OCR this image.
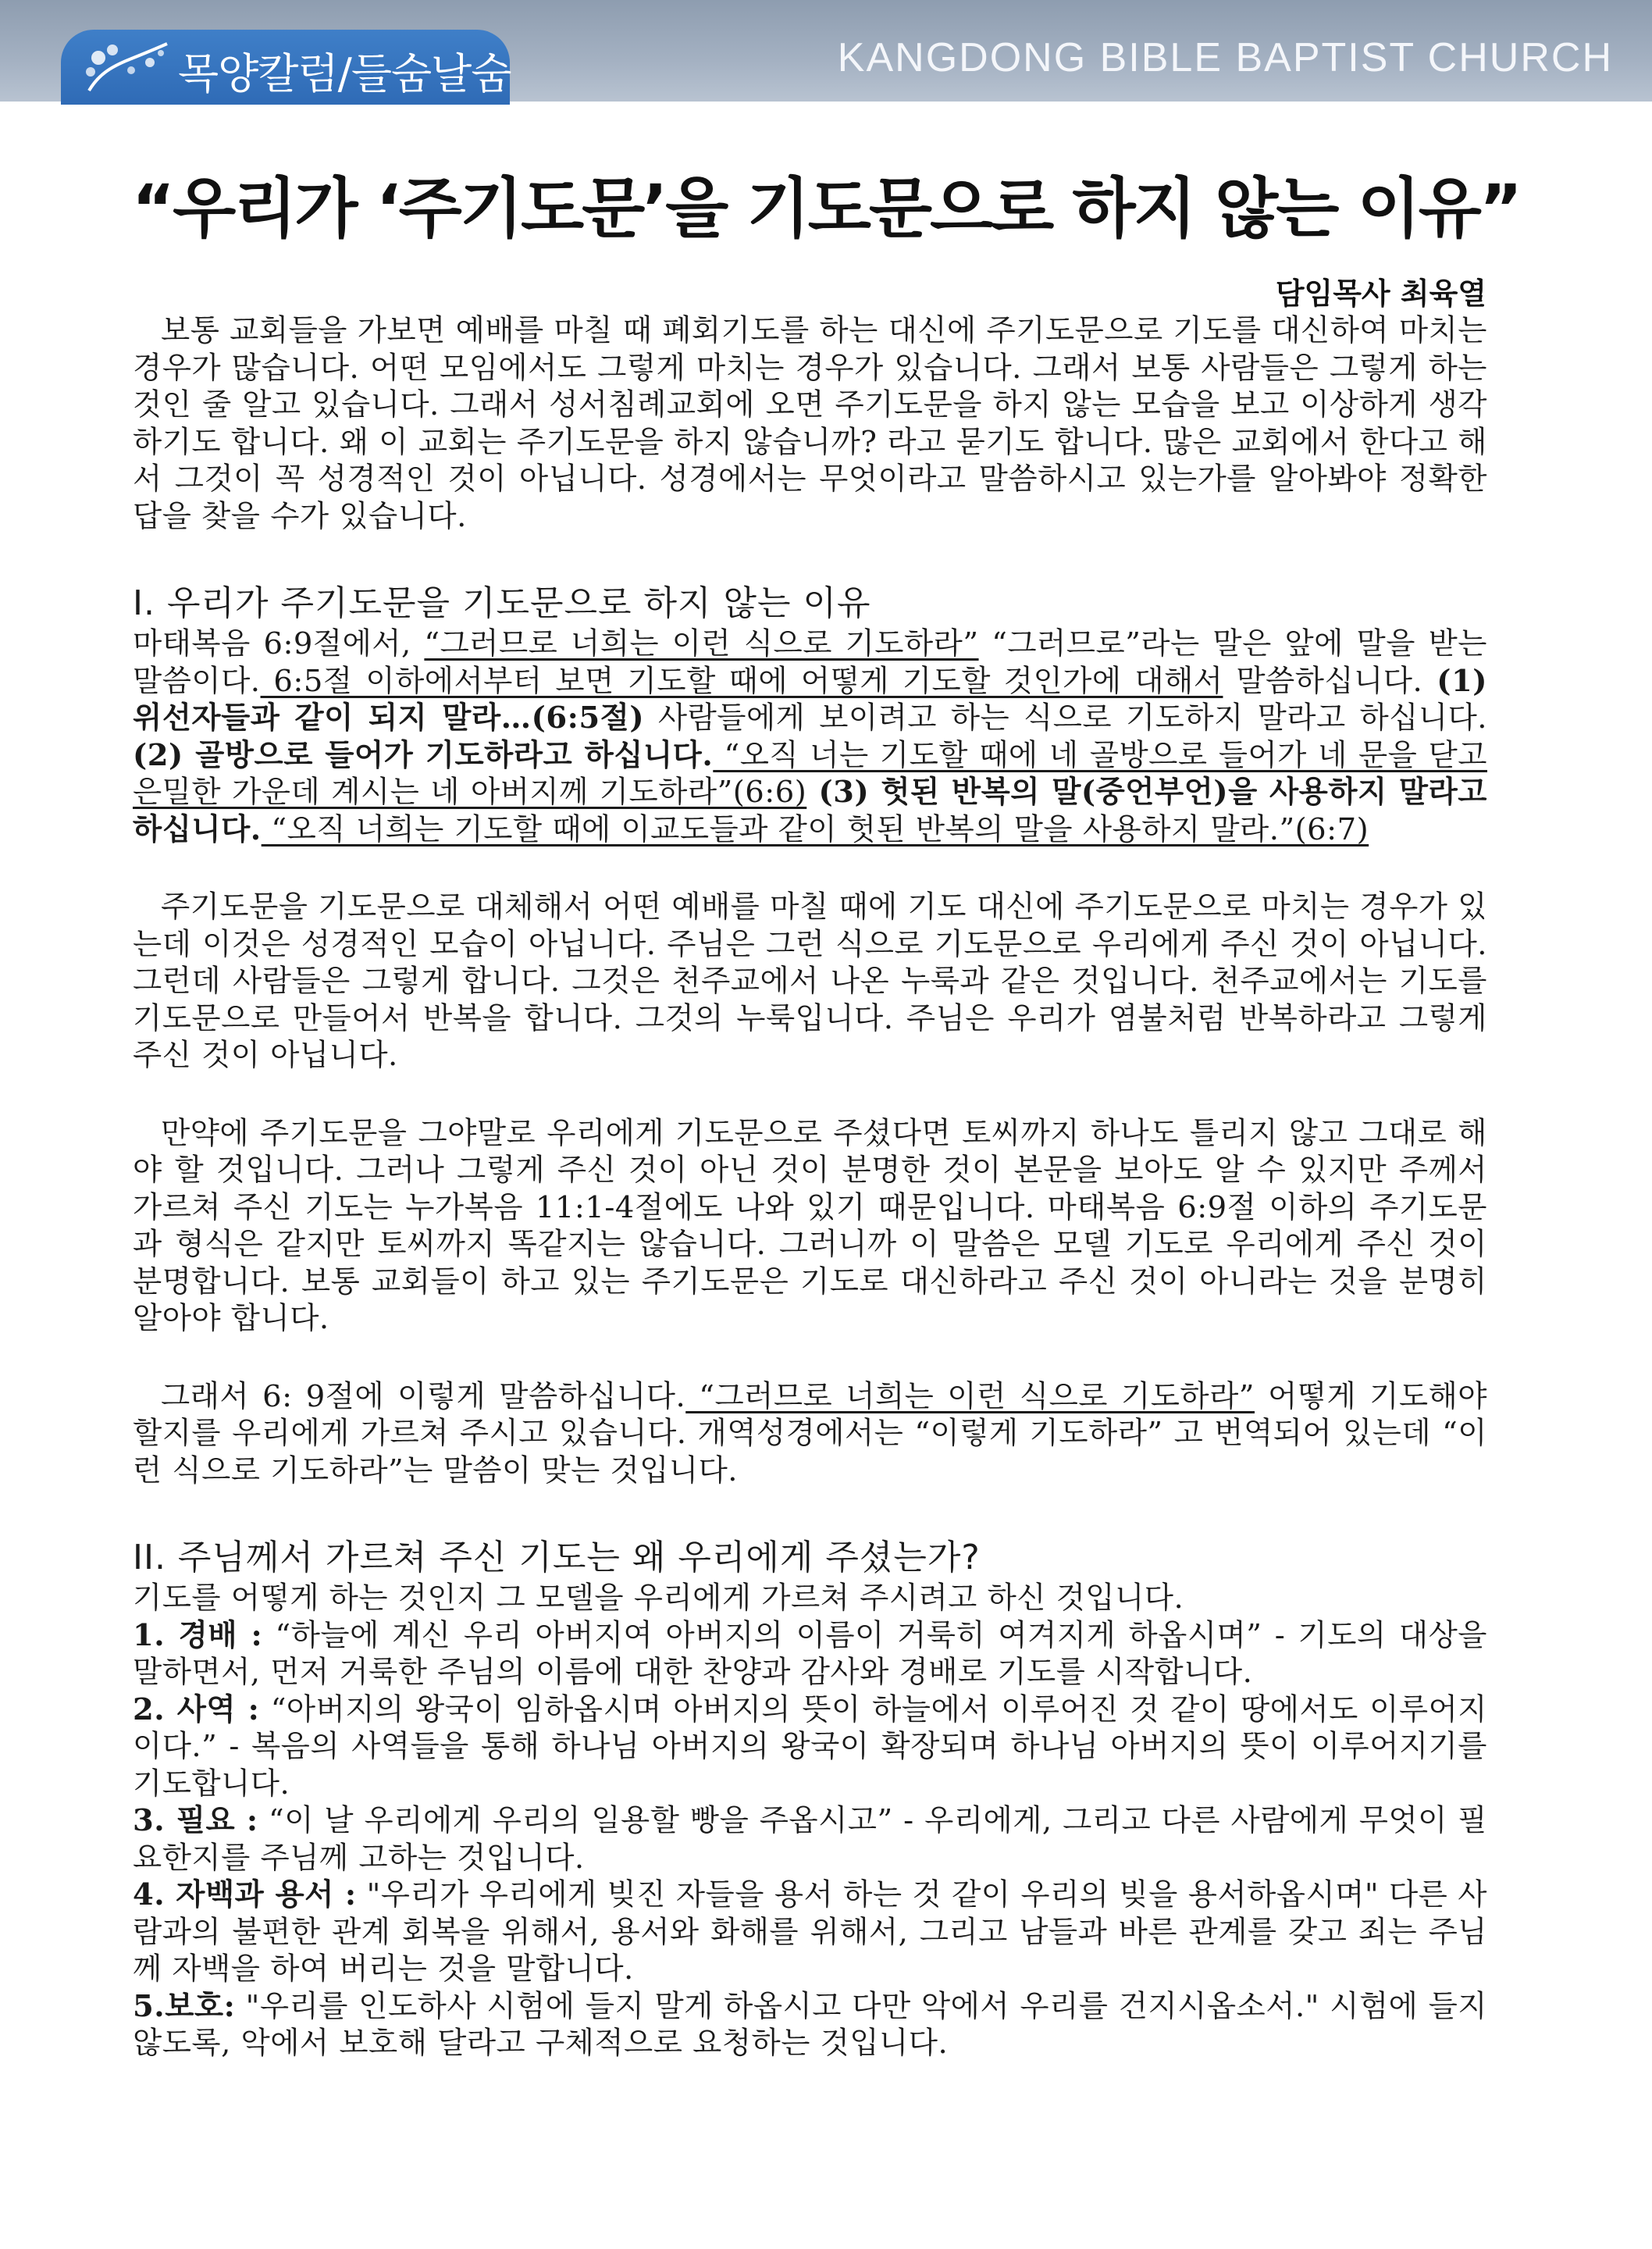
목양칼럼/들숨날숨	KANGDONG BIBLE BAPTIST CHURCH
“우리가 ‘주기도문’을 기도문으로 하지 않는 이유”
담임목사 최육열

보통 교회들을 가보면 예배를 마칠 때 폐회기도를 하는 대신에 주기도문으로 기도를 대신하여 마치는 경우가 많습니다. 어떤 모임에서도 그렇게 마치는 경우가 있습니다. 그래서 보통 사람들은 그렇게 하는 것인 줄 알고 있습니다. 그래서 성서침례교회에 오면 주기도문을 하지 않는 모습을 보고 이상하게 생각하기도 합니다. 왜 이 교회는 주기도문을 하지 않습니까? 라고 묻기도 합니다. 많은 교회에서 한다고 해서 그것이 꼭 성경적인 것이 아닙니다. 성경에서는 무엇이라고 말씀하시고 있는가를 알아봐야 정확한 답을 찾을 수가 있습니다.

I. 우리가 주기도문을 기도문으로 하지 않는 이유

마태복음 6:9절에서, “그러므로 너희는 이런 식으로 기도하라” “그러므로”라는 말은 앞에 말을 받는 말씀이다. 6:5절 이하에서부터 보면 기도할 때에 어떻게 기도할 것인가에 대해서 말씀하십니다. (1) 위선자들과 같이 되지 말라…(6:5절) 사람들에게 보이려고 하는 식으로 기도하지 말라고 하십니다. (2) 골방으로 들어가 기도하라고 하십니다. “오직 너는 기도할 때에 네 골방으로 들어가 네 문을 닫고 은밀한 가운데 계시는 네 아버지께 기도하라”(6:6) (3) 헛된 반복의 말(중언부언)을 사용하지 말라고 하십니다. “오직 너희는 기도할 때에 이교도들과 같이 헛된 반복의 말을 사용하지 말라.”(6:7)

주기도문을 기도문으로 대체해서 어떤 예배를 마칠 때에 기도 대신에 주기도문으로 마치는 경우가 있는데 이것은 성경적인 모습이 아닙니다. 주님은 그런 식으로 기도문으로 우리에게 주신 것이 아닙니다. 그런데 사람들은 그렇게 합니다. 그것은 천주교에서 나온 누룩과 같은 것입니다. 천주교에서는 기도를 기도문으로 만들어서 반복을 합니다. 그것의 누룩입니다. 주님은 우리가 염불처럼 반복하라고 그렇게 주신 것이 아닙니다.

만약에 주기도문을 그야말로 우리에게 기도문으로 주셨다면 토씨까지 하나도 틀리지 않고 그대로 해야 할 것입니다. 그러나 그렇게 주신 것이 아닌 것이 분명한 것이 본문을 보아도 알 수 있지만 주께서 가르쳐 주신 기도는 누가복음 11:1-4절에도 나와 있기 때문입니다. 마태복음 6:9절 이하의 주기도문과 형식은 같지만 토씨까지 똑같지는 않습니다. 그러니까 이 말씀은 모델 기도로 우리에게 주신 것이 분명합니다. 보통 교회들이 하고 있는 주기도문은 기도로 대신하라고 주신 것이 아니라는 것을 분명히 알아야 합니다.

그래서 6: 9절에 이렇게 말씀하십니다. “그러므로 너희는 이런 식으로 기도하라” 어떻게 기도해야 할지를 우리에게 가르쳐 주시고 있습니다. 개역성경에서는 “이렇게 기도하라” 고 번역되어 있는데 “이런 식으로 기도하라”는 말씀이 맞는 것입니다.

II. 주님께서 가르쳐 주신 기도는 왜 우리에게 주셨는가?

기도를 어떻게 하는 것인지 그 모델을 우리에게 가르쳐 주시려고 하신 것입니다.

1. 경배 : “하늘에 계신 우리 아버지여 아버지의 이름이 거룩히 여겨지게 하옵시며” - 기도의 대상을 말하면서, 먼저 거룩한 주님의 이름에 대한 찬양과 감사와 경배로 기도를 시작합니다.

2. 사역 : “아버지의 왕국이 임하옵시며 아버지의 뜻이 하늘에서 이루어진 것 같이 땅에서도 이루어지이다.” - 복음의 사역들을 통해 하나님 아버지의 왕국이 확장되며 하나님 아버지의 뜻이 이루어지기를 기도합니다.

3. 필요 : “이 날 우리에게 우리의 일용할 빵을 주옵시고” - 우리에게, 그리고 다른 사람에게 무엇이 필요한지를 주님께 고하는 것입니다.

4. 자백과 용서 : "우리가 우리에게 빚진 자들을 용서 하는 것 같이 우리의 빚을 용서하옵시며" 다른 사람과의 불편한 관계 회복을 위해서, 용서와 화해를 위해서, 그리고 남들과 바른 관계를 갖고 죄는 주님께 자백을 하여 버리는 것을 말합니다.

5.보호: "우리를 인도하사 시험에 들지 말게 하옵시고 다만 악에서 우리를 건지시옵소서." 시험에 들지 않도록, 악에서 보호해 달라고 구체적으로 요청하는 것입니다.
